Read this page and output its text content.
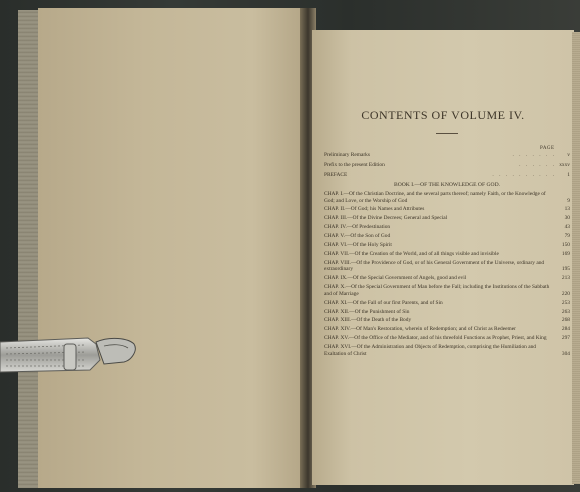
CONTENTS OF VOLUME IV.
PAGE
Preliminary Remarks	. . . . . . .	v
Prefix to the present Edition	. . . . . . xxxv
PREFACE	. . . . . . . . . .	1
BOOK I.—OF THE KNOWLEDGE OF GOD.
CHAP. I.—Of the Christian Doctrine, and the several parts thereof; namely Faith, or the Knowledge of God; and Love, or the Worship of God	9
CHAP. II.—Of God; his Names and Attributes	13
CHAP. III.—Of the Divine Decrees; General and Special	30
CHAP. IV.—Of Predestination	43
CHAP. V.—Of the Son of God	79
CHAP. VI.—Of the Holy Spirit	150
CHAP. VII.—Of the Creation of the World, and of all things visible and invisible	169
CHAP. VIII.—Of the Providence of God, or of his General Government of the Universe, ordinary and extraordinary	195
CHAP. IX.—Of the Special Government of Angels, good and evil	213
CHAP. X.—Of the Special Government of Man before the Fall; including the Institutions of the Sabbath and of Marriage	220
CHAP. XI.—Of the Fall of our first Parents, and of Sin	253
CHAP. XII.—Of the Punishment of Sin	263
CHAP. XIII.—Of the Death of the Body	268
CHAP. XIV.—Of Man's Restoration, wherein of Redemption; and of Christ as Redeemer	284
CHAP. XV.—Of the Office of the Mediator, and of his threefold Functions as Prophet, Priest, and King	297
CHAP. XVI.—Of the Administration and Objects of Redemption, comprising the Humiliation and Exaltation of Christ	304
